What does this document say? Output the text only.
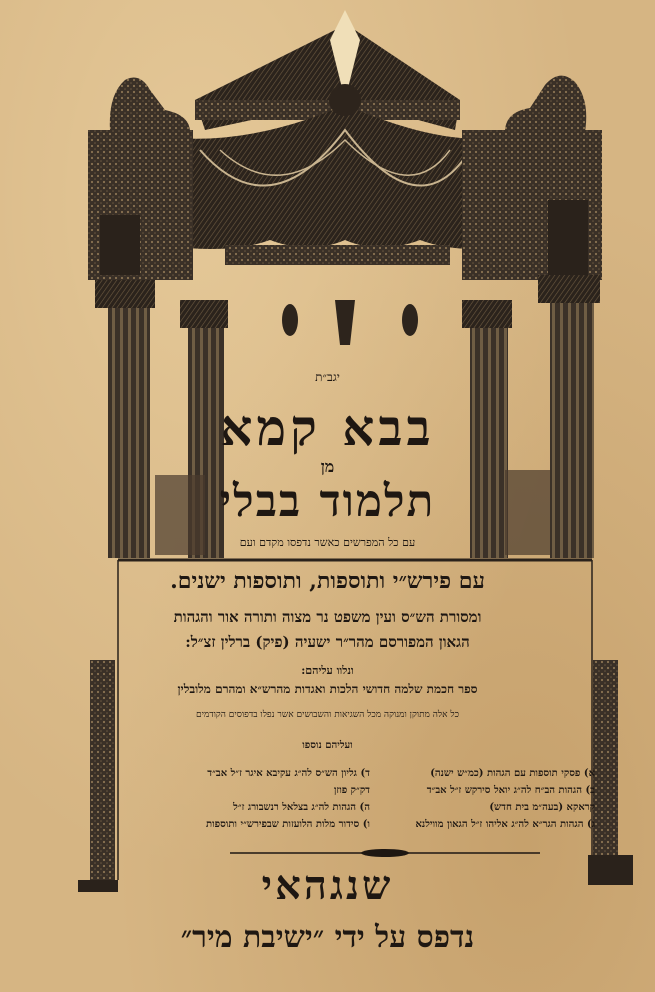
יגב״ת
בבא קמא
מן
תלמוד בבלי
עם כל המפרשים כאשר נדפסו מקדם ועם
עם פירש״י ותוספות, ותוספות ישנים.
ומסורת הש״ס ועין משפט נר מצוה ותורה אור והגהות
הגאון המפורסם מהר״ר ישעיה (פיק) ברלין זצ״ל:
ונלוו עליהם:
ספר חכמת שלמה חדושי הלכות ואגדות מהרש״א ומהרם מלובלין
כל אלה מתוקן ומנוקה מכל השגיאות והשבושים אשר נפלו בדפוסים הקודמים
ועליהם נוספו
א) פסקי תוספות עם הגהות (כמ״ש ישנה)
ב) הגהות הב״ח לה״ג יואל סירקש ז״ל אב״ד
קראקא (בעה״מ בית חדש)
ג) הגהות הגר״א לה״ג אליהו ז״ל הגאון מווילנא
ד) גליון הש״ס לה״ג עקיבא איגר ז״ל אב״ד
דק״ק פוזן
ה) הגהות לה״ג בצלאל רנשבורג ז״ל
ו) סידור מלות הלועזות שבפירש״י ותוספות
שנגהאי
נדפס על ידי ״ישיבת מיר״
